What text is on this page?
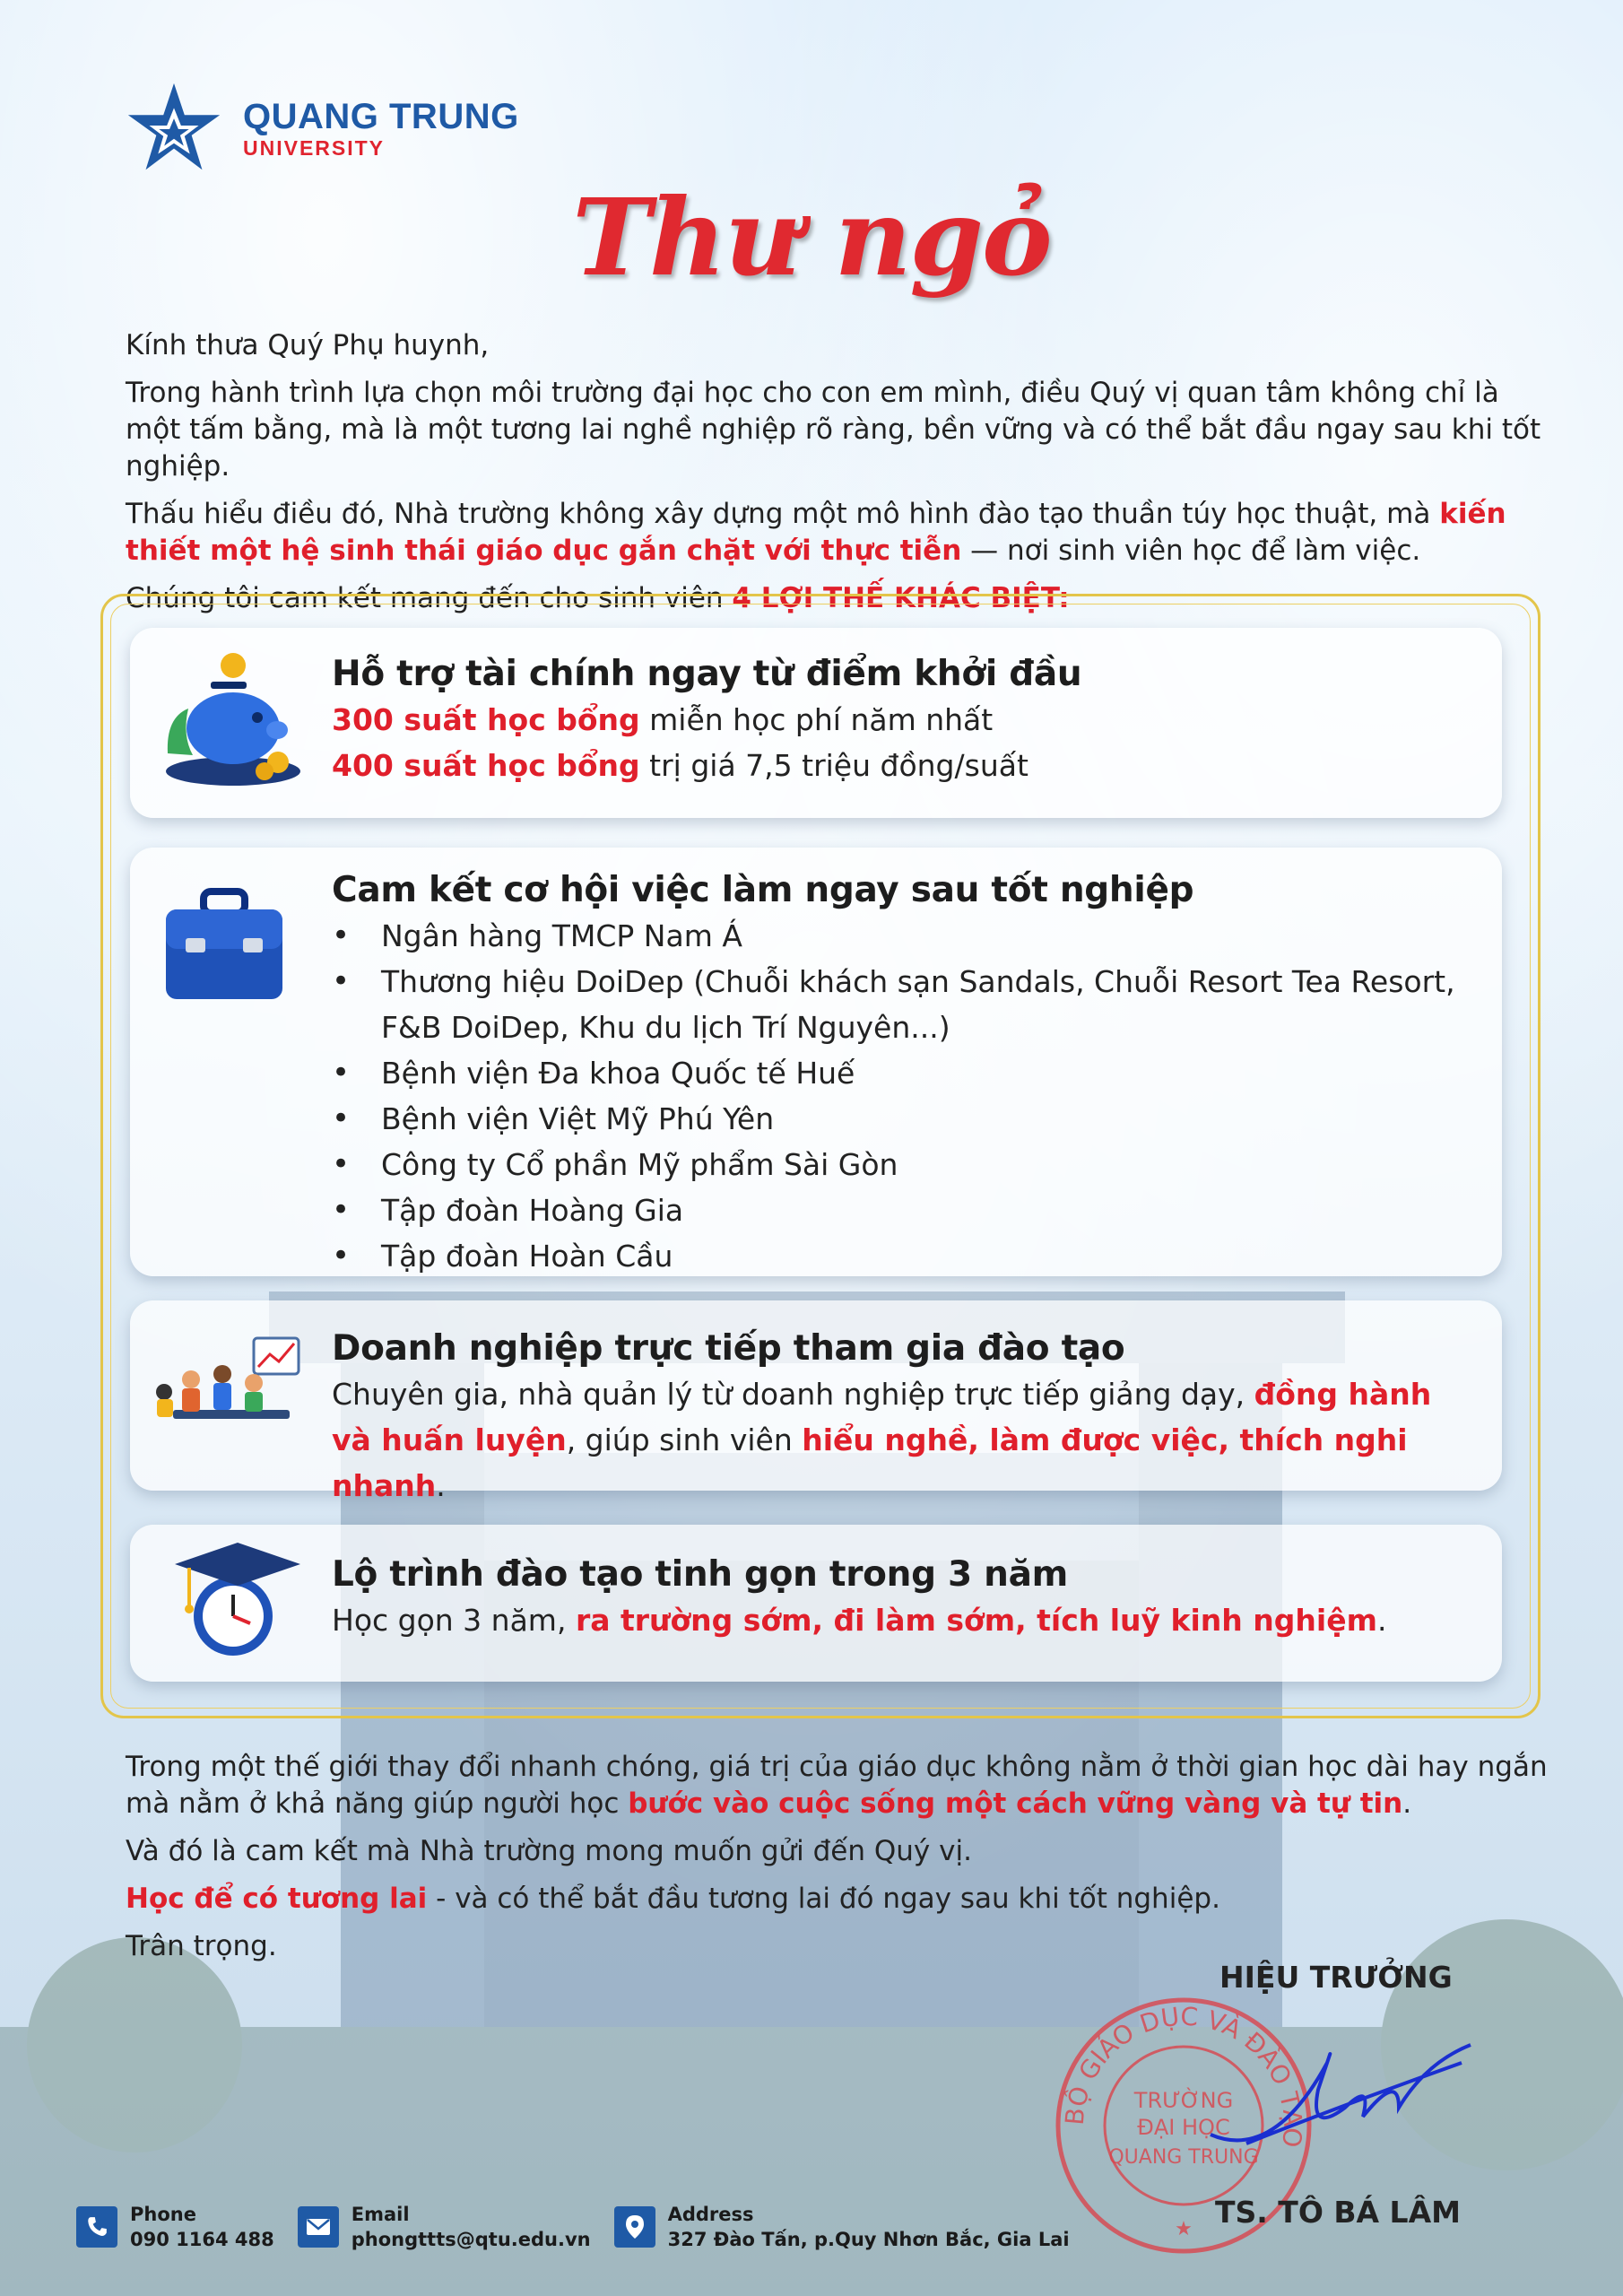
QUANG TRUNG
UNIVERSITY
Thư ngỏ

Kính thưa Quý Phụ huynh,

Trong hành trình lựa chọn môi trường đại học cho con em mình, điều Quý vị quan tâm không chỉ là một tấm bằng, mà là một tương lai nghề nghiệp rõ ràng, bền vững và có thể bắt đầu ngay sau khi tốt nghiệp.

Thấu hiểu điều đó, Nhà trường không xây dựng một mô hình đào tạo thuần túy học thuật, mà kiến thiết một hệ sinh thái giáo dục gắn chặt với thực tiễn — nơi sinh viên học để làm việc.

Chúng tôi cam kết mang đến cho sinh viên 4 LỢI THẾ KHÁC BIỆT:

Hỗ trợ tài chính ngay từ điểm khởi đầu
300 suất học bổng miễn học phí năm nhất
400 suất học bổng trị giá 7,5 triệu đồng/suất
Cam kết cơ hội việc làm ngay sau tốt nghiệp
• Ngân hàng TMCP Nam Á
• Thương hiệu DoiDep (Chuỗi khách sạn Sandals, Chuỗi Resort Tea Resort, F&B DoiDep, Khu du lịch Trí Nguyên...)
• Bệnh viện Đa khoa Quốc tế Huế
• Bệnh viện Việt Mỹ Phú Yên
• Công ty Cổ phần Mỹ phẩm Sài Gòn
• Tập đoàn Hoàng Gia
• Tập đoàn Hoàn Cầu
Doanh nghiệp trực tiếp tham gia đào tạo
Chuyên gia, nhà quản lý từ doanh nghiệp trực tiếp giảng dạy, đồng hành và huấn luyện, giúp sinh viên hiểu nghề, làm được việc, thích nghi nhanh.
Lộ trình đào tạo tinh gọn trong 3 năm
Học gọn 3 năm, ra trường sớm, đi làm sớm, tích luỹ kinh nghiệm.

Trong một thế giới thay đổi nhanh chóng, giá trị của giáo dục không nằm ở thời gian học dài hay ngắn mà nằm ở khả năng giúp người học bước vào cuộc sống một cách vững vàng và tự tin.

Và đó là cam kết mà Nhà trường mong muốn gửi đến Quý vị.

Học để có tương lai - và có thể bắt đầu tương lai đó ngay sau khi tốt nghiệp.

Trân trọng.

BỘ GIÁO DỤC VÀ ĐÀO TẠO
TRƯỜNG
ĐẠI HỌC
QUANG TRUNG
★
HIỆU TRƯỞNG
TS. TÔ BÁ LÂM
Phone
090 1164 488
Email
phongttts@qtu.edu.vn
Address
327 Đào Tấn, p.Quy Nhơn Bắc, Gia Lai
